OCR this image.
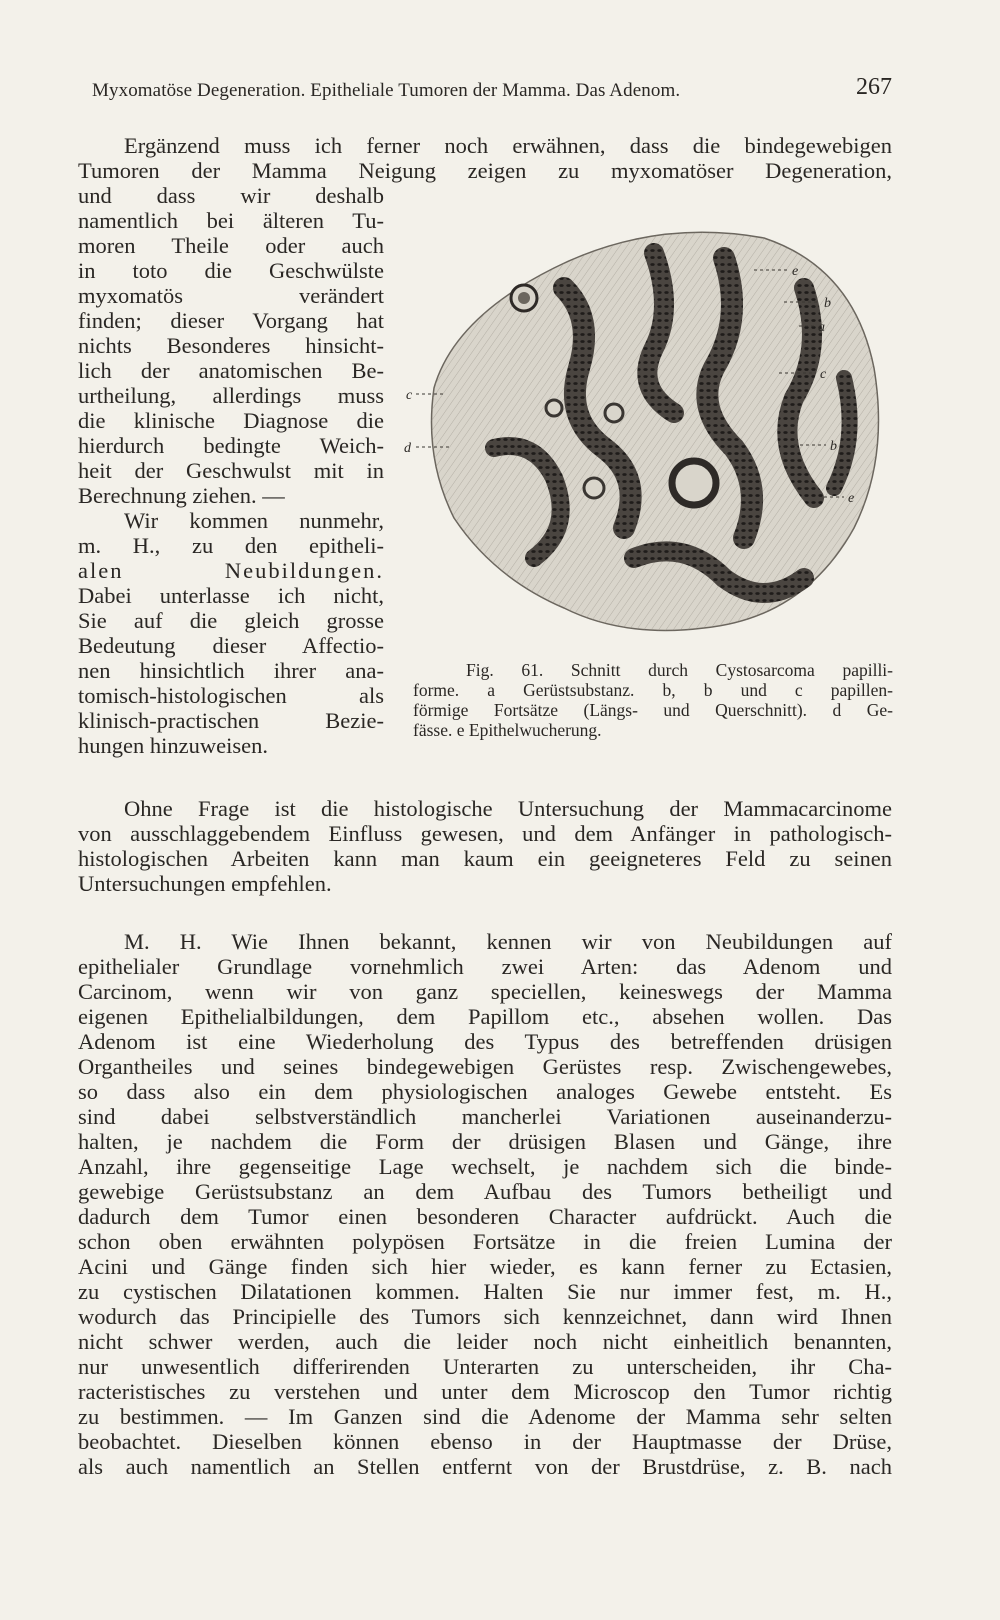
Myxomatöse Degeneration. Epitheliale Tumoren der Mamma. Das Adenom.	267
Ergänzend muss ich ferner noch erwähnen, dass die bindegewebigen
Tumoren der Mamma Neigung zeigen zu myxomatöser Degeneration,
und dass wir deshalb
namentlich bei älteren Tu-
moren Theile oder auch
in toto die Geschwülste
myxomatös verändert
finden; dieser Vorgang hat
nichts Besonderes hinsicht-
lich der anatomischen Be-
urtheilung, allerdings muss
die klinische Diagnose die
hierdurch bedingte Weich-
heit der Geschwulst mit in
Berechnung ziehen. —
Wir kommen nunmehr,
m. H., zu den epitheli-
alen Neubildungen.
Dabei unterlasse ich nicht,
Sie auf die gleich grosse
Bedeutung dieser Affectio-
nen hinsichtlich ihrer ana-
tomisch-histologischen als
klinisch-practischen Bezie-
hungen hinzuweisen.
e
b
a
c
b
e
c
d
Fig. 61. Schnitt durch Cystosarcoma papilli-
forme. a Gerüstsubstanz. b, b und c papillen-
förmige Fortsätze (Längs- und Querschnitt). d Ge-
fässe. e Epithelwucherung.
Ohne Frage ist die histologische Untersuchung der Mammacarcinome
von ausschlaggebendem Einfluss gewesen, und dem Anfänger in pathologisch-
histologischen Arbeiten kann man kaum ein geeigneteres Feld zu seinen
Untersuchungen empfehlen.
M. H. Wie Ihnen bekannt, kennen wir von Neubildungen auf
epithelialer Grundlage vornehmlich zwei Arten: das Adenom und
Carcinom, wenn wir von ganz speciellen, keineswegs der Mamma
eigenen Epithelialbildungen, dem Papillom etc., absehen wollen. Das
Adenom ist eine Wiederholung des Typus des betreffenden drüsigen
Organtheiles und seines bindegewebigen Gerüstes resp. Zwischengewebes,
so dass also ein dem physiologischen analoges Gewebe entsteht. Es
sind dabei selbstverständlich mancherlei Variationen auseinanderzu-
halten, je nachdem die Form der drüsigen Blasen und Gänge, ihre
Anzahl, ihre gegenseitige Lage wechselt, je nachdem sich die binde-
gewebige Gerüstsubstanz an dem Aufbau des Tumors betheiligt und
dadurch dem Tumor einen besonderen Character aufdrückt. Auch die
schon oben erwähnten polypösen Fortsätze in die freien Lumina der
Acini und Gänge finden sich hier wieder, es kann ferner zu Ectasien,
zu cystischen Dilatationen kommen. Halten Sie nur immer fest, m. H.,
wodurch das Principielle des Tumors sich kennzeichnet, dann wird Ihnen
nicht schwer werden, auch die leider noch nicht einheitlich benannten,
nur unwesentlich differirenden Unterarten zu unterscheiden, ihr Cha-
racteristisches zu verstehen und unter dem Microscop den Tumor richtig
zu bestimmen. — Im Ganzen sind die Adenome der Mamma sehr selten
beobachtet. Dieselben können ebenso in der Hauptmasse der Drüse,
als auch namentlich an Stellen entfernt von der Brustdrüse, z. B. nach
